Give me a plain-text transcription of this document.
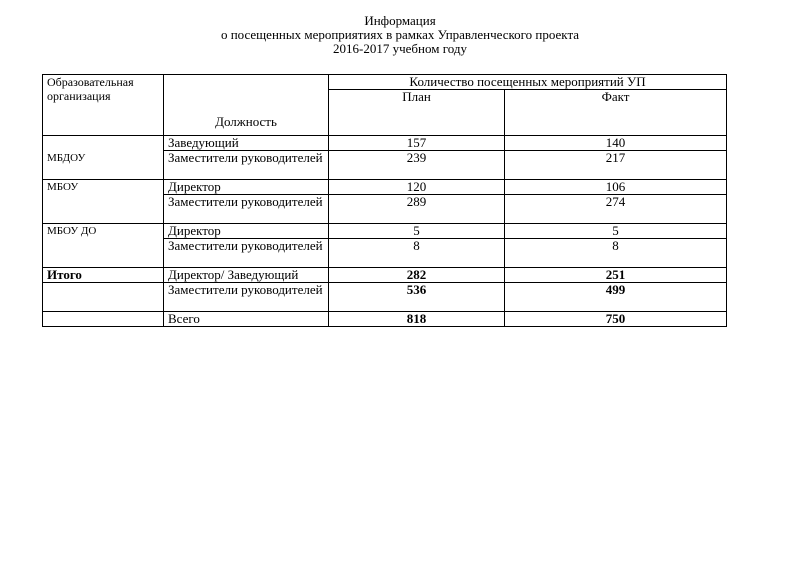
Информация
о посещенных мероприятиях в рамках Управленческого проекта
2016-2017 учебном году
Образовательная организация	Должность	Количество посещенных мероприятий УП	
		План	Факт
МБДОУ	Заведующий	157	140
	Заместители руководителей	239	217
МБОУ	Директор	120	106
	Заместители руководителей	289	274
МБОУ ДО	Директор	5	5
	Заместители руководителей	8	8
Итого	Директор/ Заведующий	282	251
	Заместители руководителей	536	499
	Всего	818	750
